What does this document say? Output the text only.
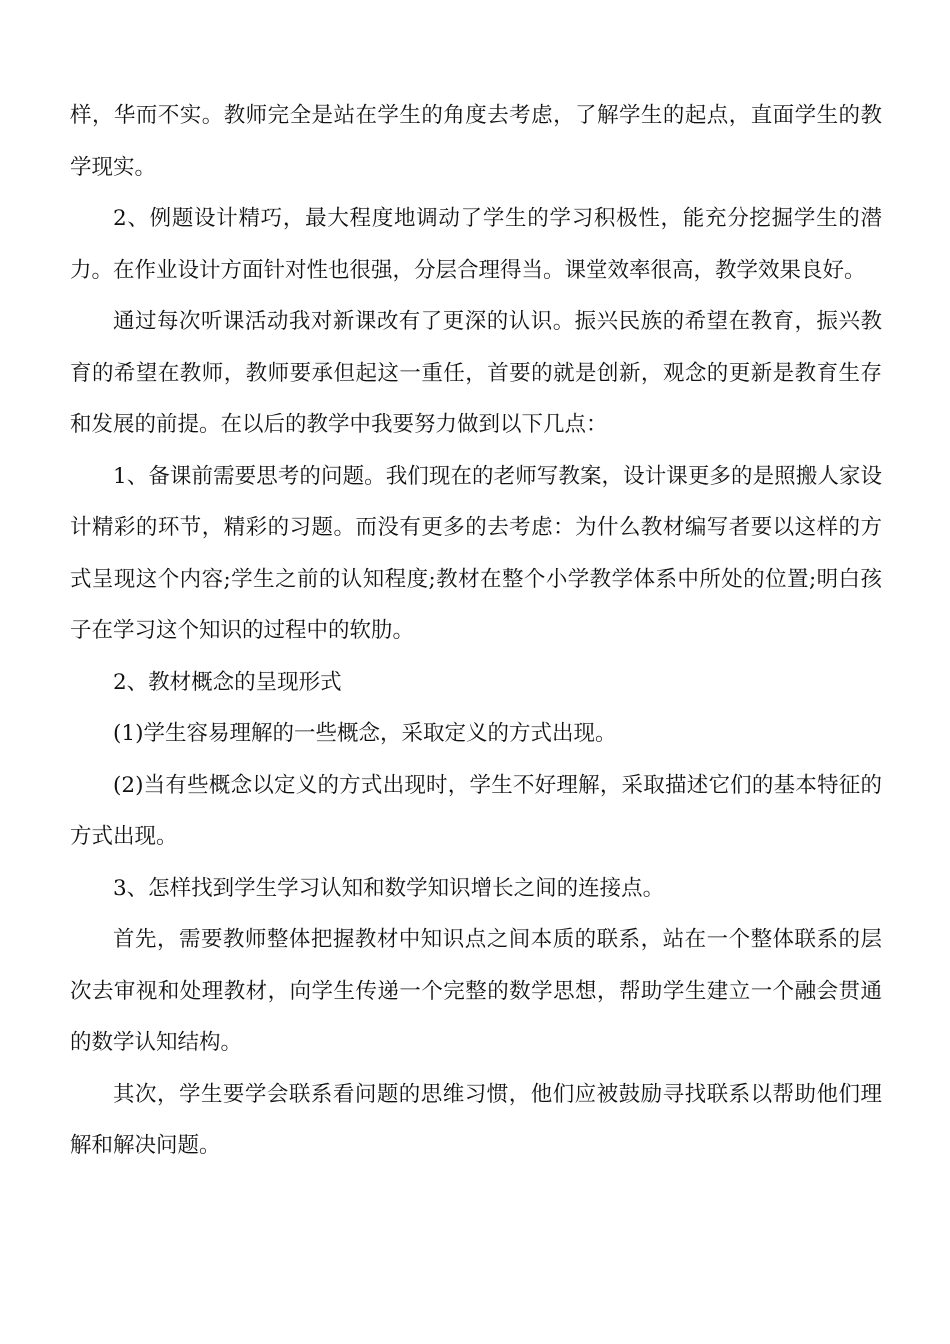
样，华而不实。教师完全是站在学生的角度去考虑，了解学生的起点，直面学生的教学现实。

2、例题设计精巧，最大程度地调动了学生的学习积极性，能充分挖掘学生的潜力。在作业设计方面针对性也很强，分层合理得当。课堂效率很高，教学效果良好。

通过每次听课活动我对新课改有了更深的认识。振兴民族的希望在教育，振兴教育的希望在教师，教师要承但起这一重任，首要的就是创新，观念的更新是教育生存和发展的前提。在以后的教学中我要努力做到以下几点：

1、备课前需要思考的问题。我们现在的老师写教案，设计课更多的是照搬人家设计精彩的环节，精彩的习题。而没有更多的去考虑：为什么教材编写者要以这样的方式呈现这个内容;学生之前的认知程度;教材在整个小学教学体系中所处的位置;明白孩子在学习这个知识的过程中的软肋。

2、教材概念的呈现形式

(1)学生容易理解的一些概念，采取定义的方式出现。

(2)当有些概念以定义的方式出现时，学生不好理解，采取描述它们的基本特征的方式出现。

3、怎样找到学生学习认知和数学知识增长之间的连接点。

首先，需要教师整体把握教材中知识点之间本质的联系，站在一个整体联系的层次去审视和处理教材，向学生传递一个完整的数学思想，帮助学生建立一个融会贯通的数学认知结构。

其次，学生要学会联系看问题的思维习惯，他们应被鼓励寻找联系以帮助他们理解和解决问题。
